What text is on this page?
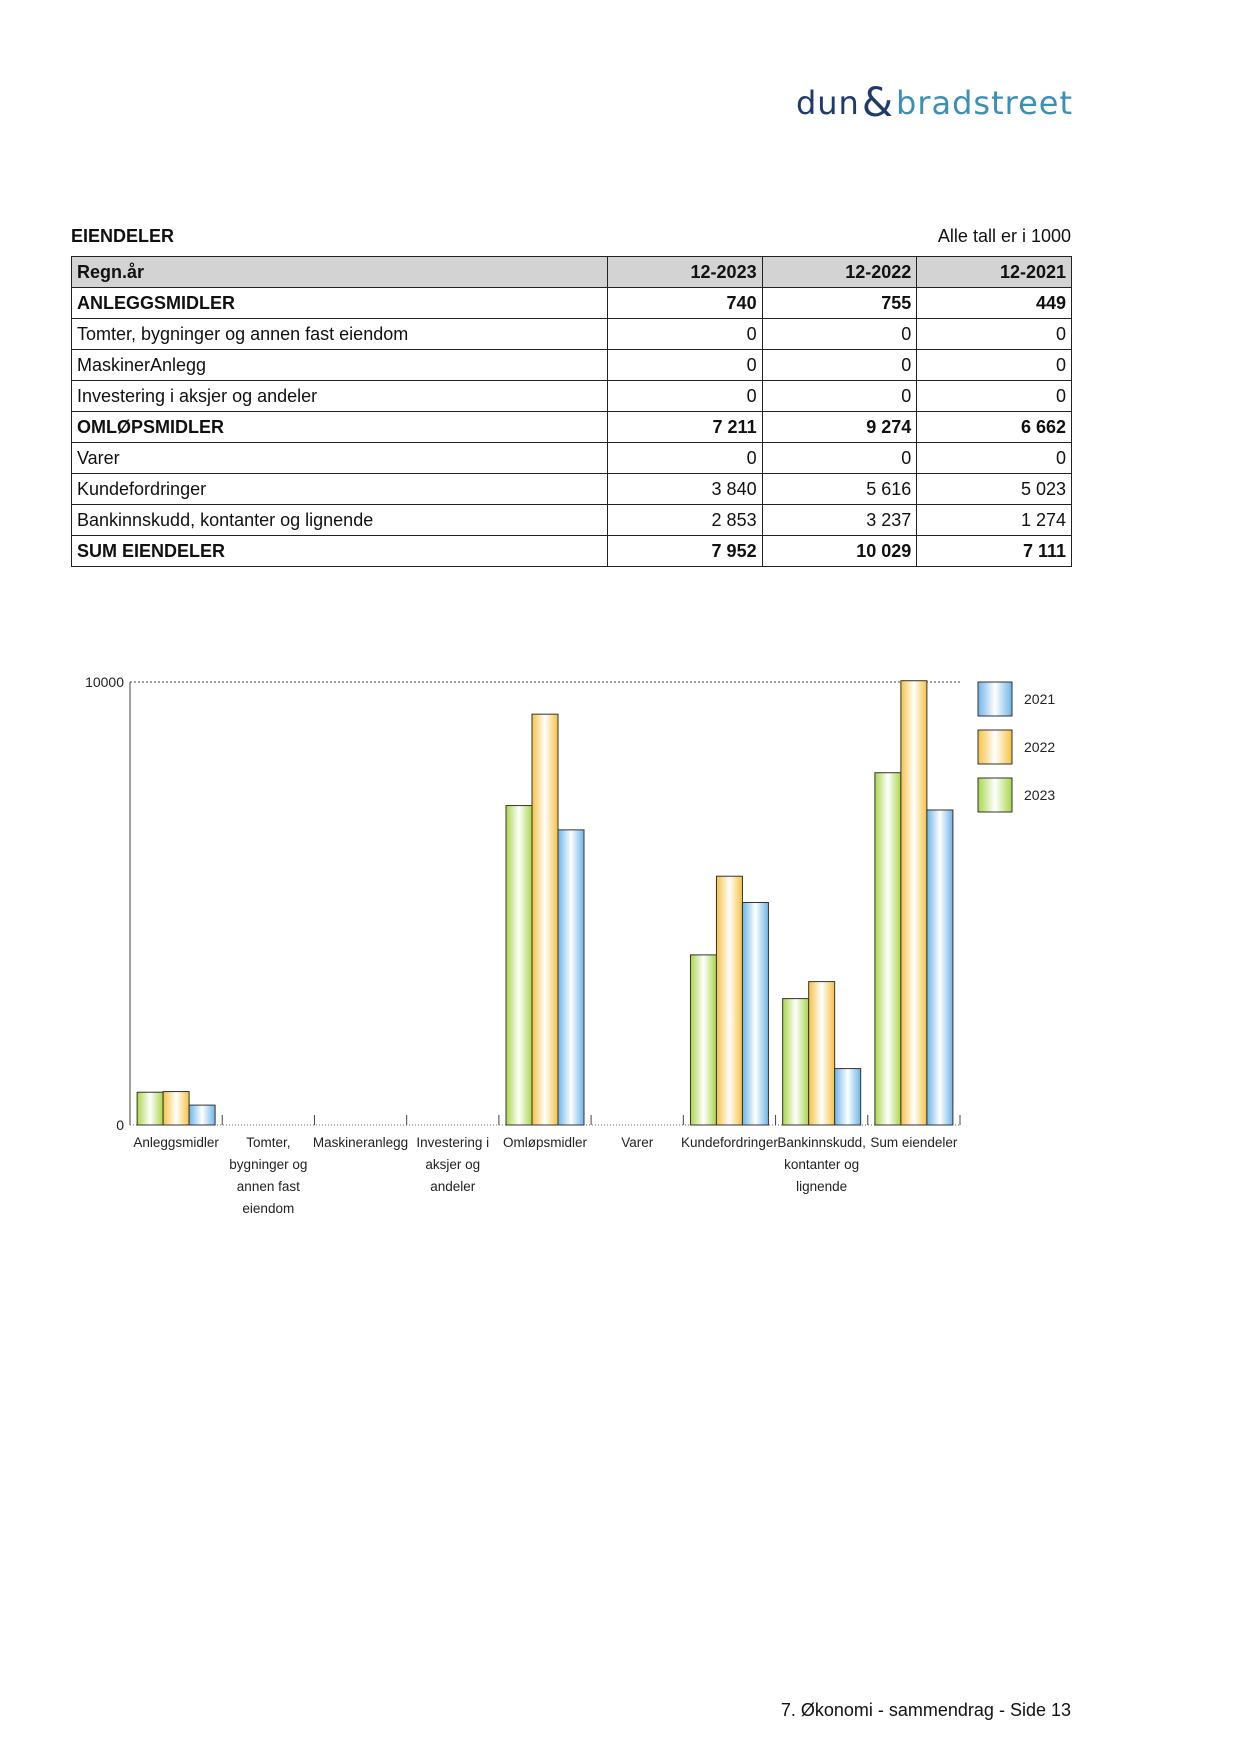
dun & bradstreet
EIENDELER	Alle tall er i 1000
Regn.år	12-2023	12-2022	12-2021
ANLEGGSMIDLER	740	755	449
Tomter, bygninger og annen fast eiendom	0	0	0
MaskinerAnlegg	0	0	0
Investering i aksjer og andeler	0	0	0
OMLØPSMIDLER	7 211	9 274	6 662
Varer	0	0	0
Kundefordringer	3 840	5 616	5 023
Bankinnskudd, kontanter og lignende	2 853	3 237	1 274
SUM EIENDELER	7 952	10 029	7 111
10000
0
Anleggsmidler Tomter,
bygninger og
annen fast
eiendom
Maskineranlegg Investering i
aksjer og
andeler
Omløpsmidler	Varer Kundefordringer Bankinnskudd,
kontanter og
lignende
Sum eiendeler
2021
2022
2023
7. Økonomi - sammendrag - Side 13
